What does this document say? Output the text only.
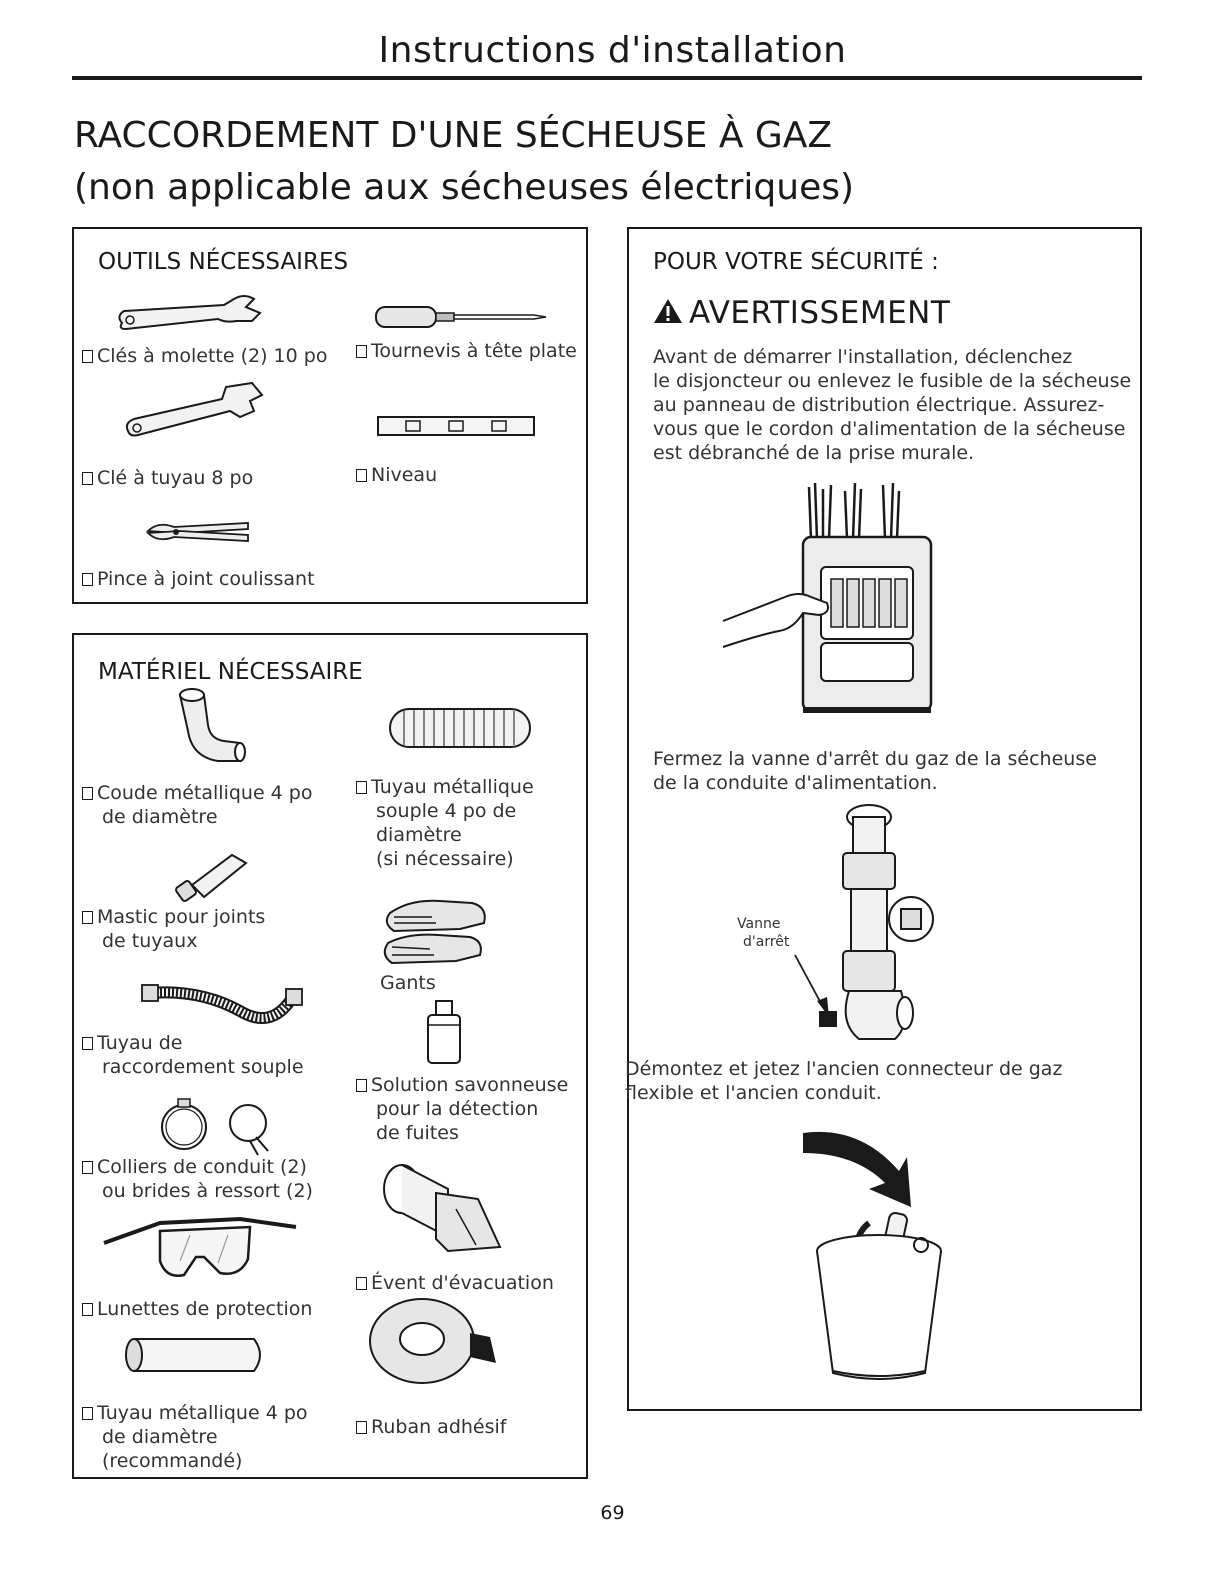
Instructions d'installation
RACCORDEMENT D'UNE SÉCHEUSE À GAZ
(non applicable aux sécheuses électriques)
OUTILS NÉCESSAIRES
Clés à molette (2) 10 po	Tournevis à tête plate
Clé à tuyau 8 po	Niveau
Pince à joint coulissant
MATÉRIEL NÉCESSAIRE
Coude métallique 4 po
de diamètre
Tuyau métallique
souple 4 po de
diamètre
(si nécessaire)
Mastic pour joints
de tuyaux
Gants
Tuyau de
raccordement souple
Solution savonneuse
pour la détection
de fuites
Colliers de conduit (2)
ou brides à ressort (2)
Évent d'évacuation
Lunettes de protection
Ruban adhésif
Tuyau métallique 4 po
de diamètre
(recommandé)
POUR VOTRE SÉCURITÉ :
AVERTISSEMENT
Avant de démarrer l'installation, déclenchez
le disjoncteur ou enlevez le fusible de la sécheuse
au panneau de distribution électrique. Assurez-
vous que le cordon d'alimentation de la sécheuse
est débranché de la prise murale.
Fermez la vanne d'arrêt du gaz de la sécheuse
de la conduite d'alimentation.
Vanne
d'arrêt
Démontez et jetez l'ancien connecteur de gaz
flexible et l'ancien conduit.
69
